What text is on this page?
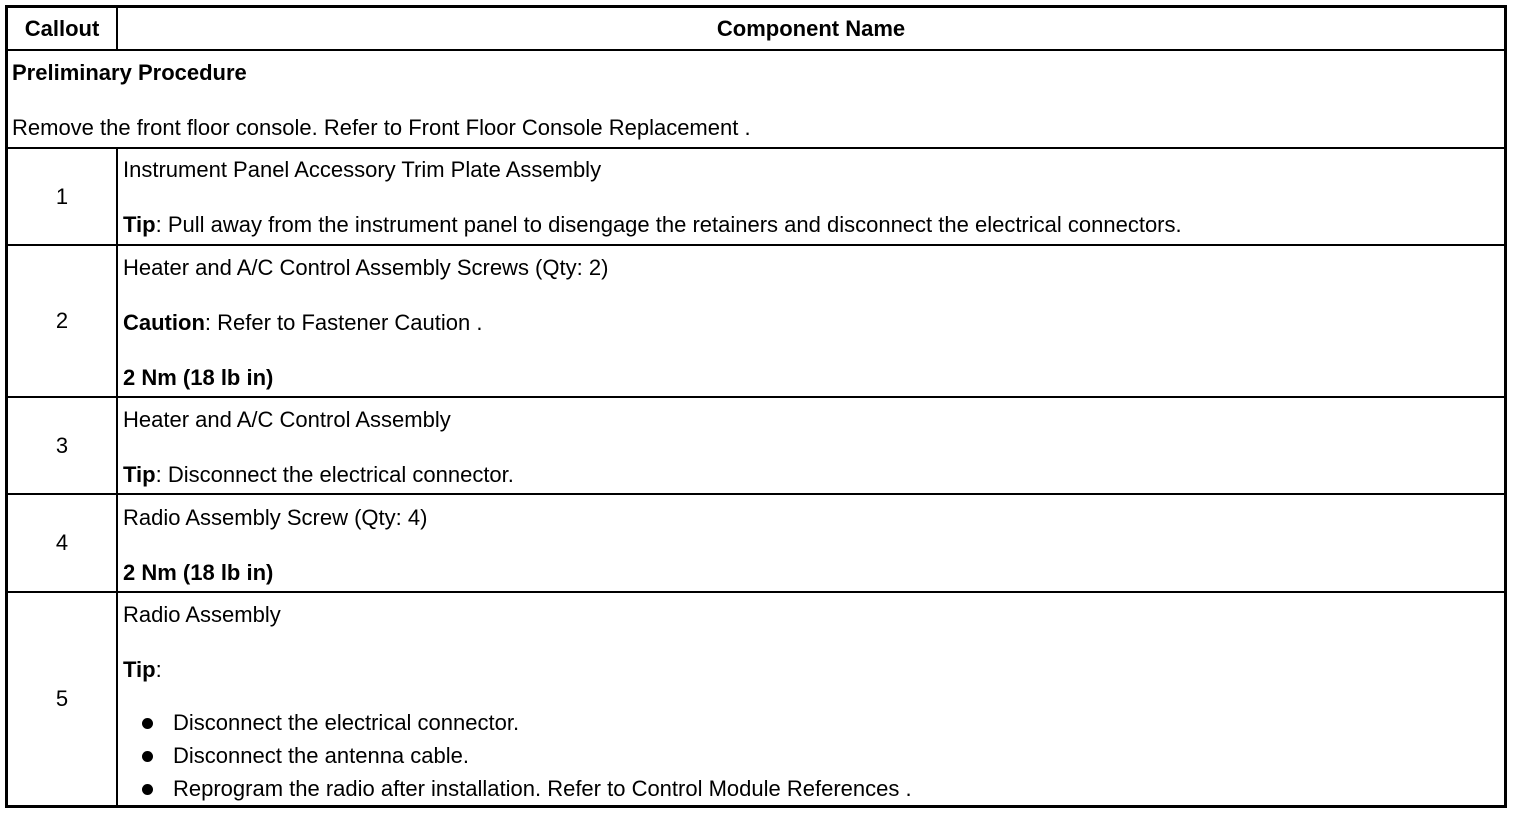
Callout	Component Name
Preliminary Procedure
Remove the front floor console. Refer to Front Floor Console Replacement .
1
Instrument Panel Accessory Trim Plate Assembly
Tip: Pull away from the instrument panel to disengage the retainers and disconnect the electrical connectors.
2
Heater and A/C Control Assembly Screws (Qty: 2)
Caution: Refer to Fastener Caution .
2 Nm (18 lb in)
3
Heater and A/C Control Assembly
Tip: Disconnect the electrical connector.
4
Radio Assembly Screw (Qty: 4)
2 Nm (18 lb in)
5
Radio Assembly
Tip:
Disconnect the electrical connector.
Disconnect the antenna cable.
Reprogram the radio after installation. Refer to Control Module References .
